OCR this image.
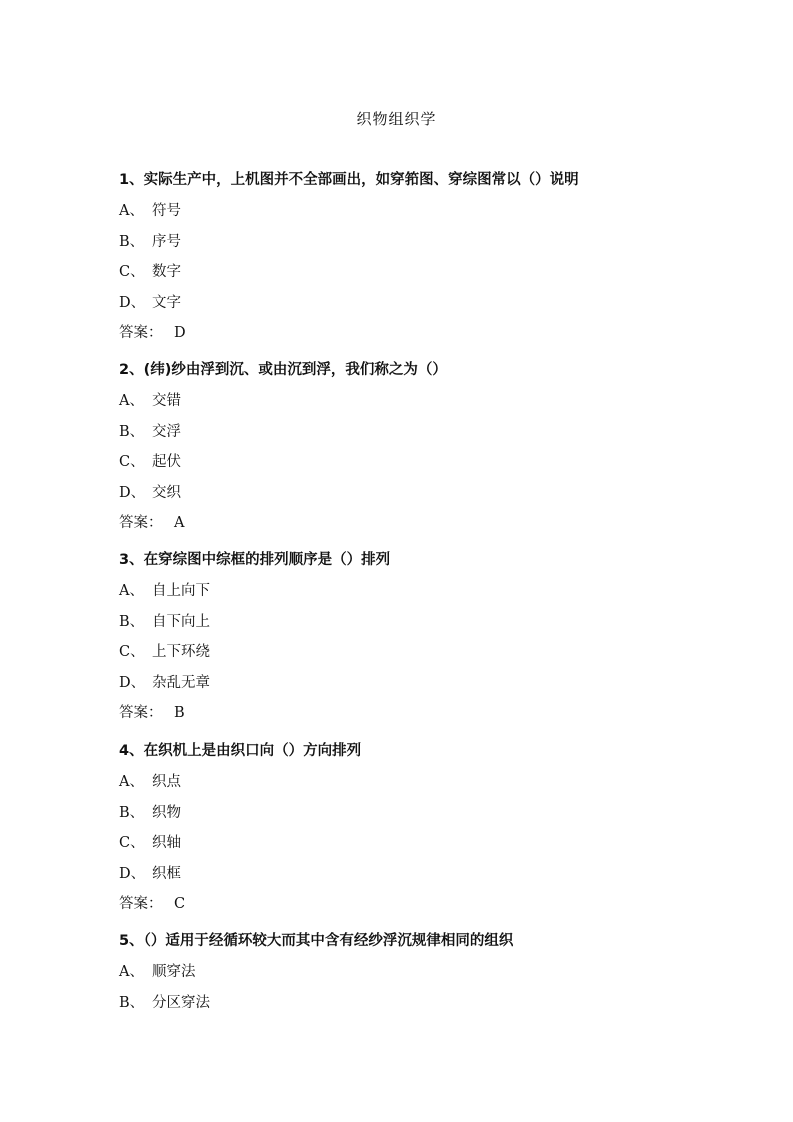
织物组织学
1、实际生产中，上机图并不全部画出，如穿筘图、穿综图常以（）说明
A、 符号
B、 序号
C、 数字
D、 文字
答案： D
2、(纬)纱由浮到沉、或由沉到浮，我们称之为（）
A、 交错
B、 交浮
C、 起伏
D、 交织
答案： A
3、在穿综图中综框的排列顺序是（）排列
A、 自上向下
B、 自下向上
C、 上下环绕
D、 杂乱无章
答案： B
4、在织机上是由织口向（）方向排列
A、 织点
B、 织物
C、 织轴
D、 织框
答案： C
5、（）适用于经循环较大而其中含有经纱浮沉规律相同的组织
A、 顺穿法
B、 分区穿法
